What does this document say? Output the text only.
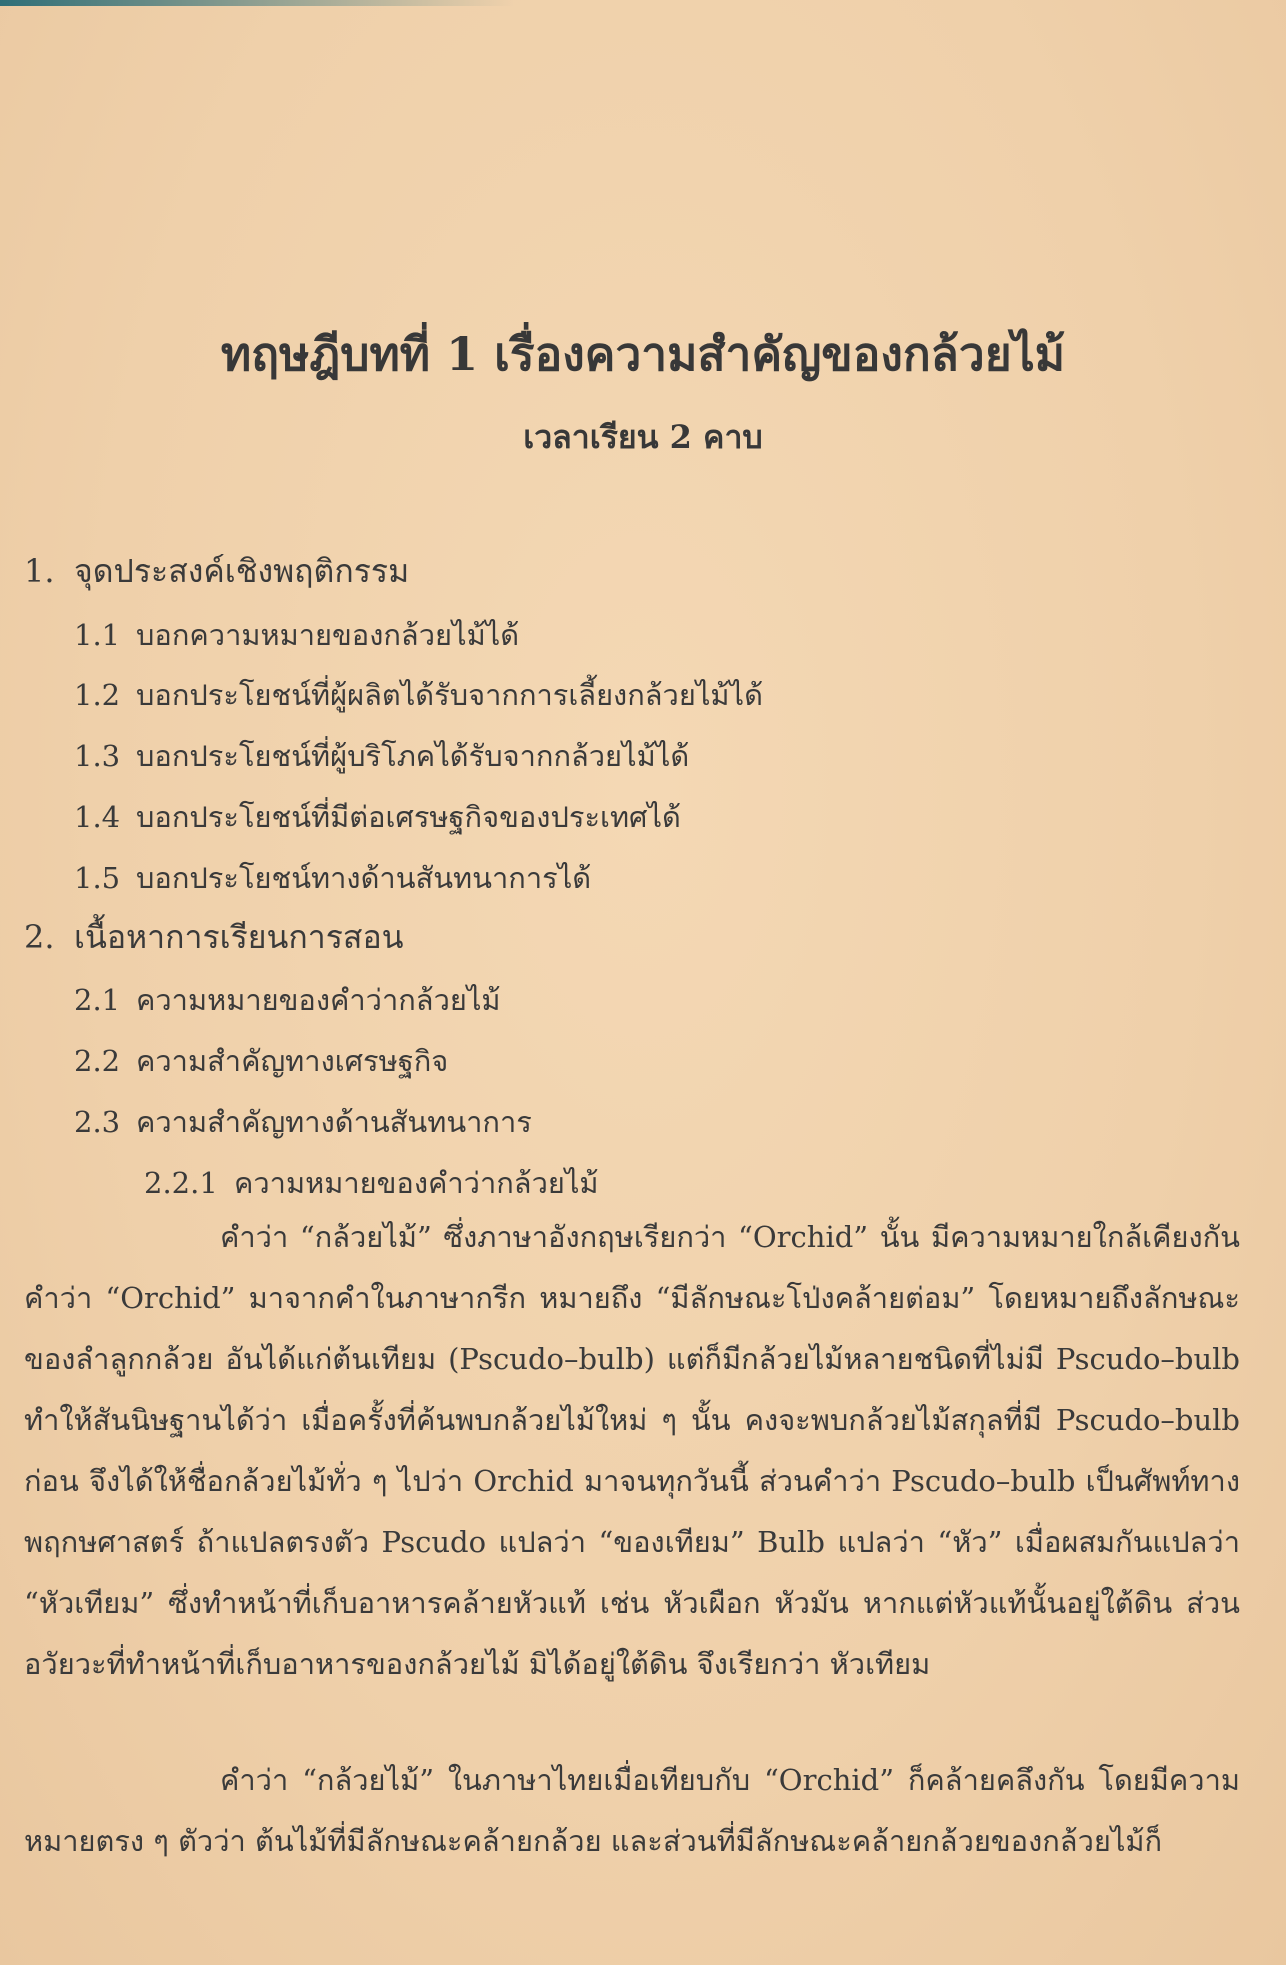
ทฤษฎีบทที่ 1 เรื่องความสำคัญของกล้วยไม้
เวลาเรียน 2 คาบ
1. จุดประสงค์เชิงพฤติกรรม
1.1 บอกความหมายของกล้วยไม้ได้
1.2 บอกประโยชน์ที่ผู้ผลิตได้รับจากการเลี้ยงกล้วยไม้ได้
1.3 บอกประโยชน์ที่ผู้บริโภคได้รับจากกล้วยไม้ได้
1.4 บอกประโยชน์ที่มีต่อเศรษฐกิจของประเทศได้
1.5 บอกประโยชน์ทางด้านสันทนาการได้
2. เนื้อหาการเรียนการสอน
2.1 ความหมายของคำว่ากล้วยไม้
2.2 ความสำคัญทางเศรษฐกิจ
2.3 ความสำคัญทางด้านสันทนาการ
2.2.1 ความหมายของคำว่ากล้วยไม้
คำว่า “กล้วยไม้” ซึ่งภาษาอังกฤษเรียกว่า “Orchid” นั้น มีความหมายใกล้เคียงกัน คำว่า “Orchid” มาจากคำในภาษากรีก หมายถึง “มีลักษณะโป่งคล้ายต่อม” โดยหมายถึงลักษณะของลำลูกกล้วย อันได้แก่ต้นเทียม (Pscudo–bulb) แต่ก็มีกล้วยไม้หลายชนิดที่ไม่มี Pscudo–bulb ทำให้สันนิษฐานได้ว่า เมื่อครั้งที่ค้นพบกล้วยไม้ใหม่ ๆ นั้น คงจะพบกล้วยไม้สกุลที่มี Pscudo–bulb ก่อน จึงได้ให้ชื่อกล้วยไม้ทั่ว ๆ ไปว่า Orchid มาจนทุกวันนี้ ส่วนคำว่า Pscudo–bulb เป็นศัพท์ทางพฤกษศาสตร์ ถ้าแปลตรงตัว Pscudo แปลว่า “ของเทียม” Bulb แปลว่า “หัว” เมื่อผสมกันแปลว่า “หัวเทียม” ซึ่งทำหน้าที่เก็บอาหารคล้ายหัวแท้ เช่น หัวเผือก หัวมัน หากแต่หัวแท้นั้นอยู่ใต้ดิน ส่วนอวัยวะที่ทำหน้าที่เก็บอาหารของกล้วยไม้ มิได้อยู่ใต้ดิน จึงเรียกว่า หัวเทียม
คำว่า “กล้วยไม้” ในภาษาไทยเมื่อเทียบกับ “Orchid” ก็คล้ายคลึงกัน โดยมีความหมายตรง ๆ ตัวว่า ต้นไม้ที่มีลักษณะคล้ายกล้วย และส่วนที่มีลักษณะคล้ายกล้วยของกล้วยไม้ก็
